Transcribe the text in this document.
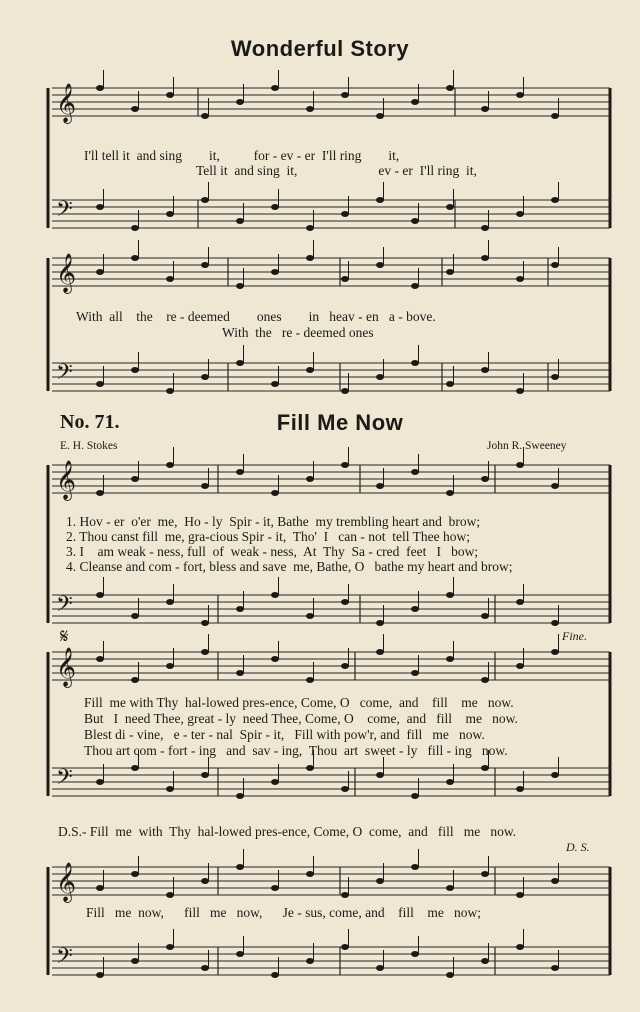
𝄞
𝄢
𝄞
𝄢
𝄞
𝄢
𝄞
𝄢
𝄞
𝄢
Wonderful Story
I'll tell it  and sing        it,          for - ev - er  I'll ring        it,
Tell it  and sing  it,                        ev - er  I'll ring  it,
With  all    the    re - deemed        ones        in   heav - en   a - bove.
With  the   re - deemed ones
No. 71.	Fill Me Now
E. H. Stokes	John R. Sweeney
1. Hov - er  o'er  me,  Ho - ly  Spir - it, Bathe  my trembling heart and  brow;
2. Thou canst fill  me, gra-cious Spir - it,  Tho'  I   can - not  tell Thee how;
3. I    am weak - ness, full  of  weak - ness,  At  Thy  Sa - cred  feet   I   bow;
4. Cleanse and com - fort, bless and save  me, Bathe, O   bathe my heart and brow;
Fine.
𝄋
Fill  me with Thy  hal-lowed pres-ence, Come, O   come,  and    fill    me   now.
But   I  need Thee, great - ly  need Thee, Come, O    come,  and   fill    me   now.
Blest di - vine,   e - ter - nal  Spir - it,   Fill with pow'r, and  fill   me   now.
Thou art com - fort - ing   and  sav - ing,  Thou  art  sweet - ly   fill - ing   now.
D.S.- Fill  me  with  Thy  hal-lowed pres-ence, Come, O  come,  and   fill   me   now.
D. S.
Fill   me  now,      fill   me   now,      Je - sus, come, and    fill    me   now;
